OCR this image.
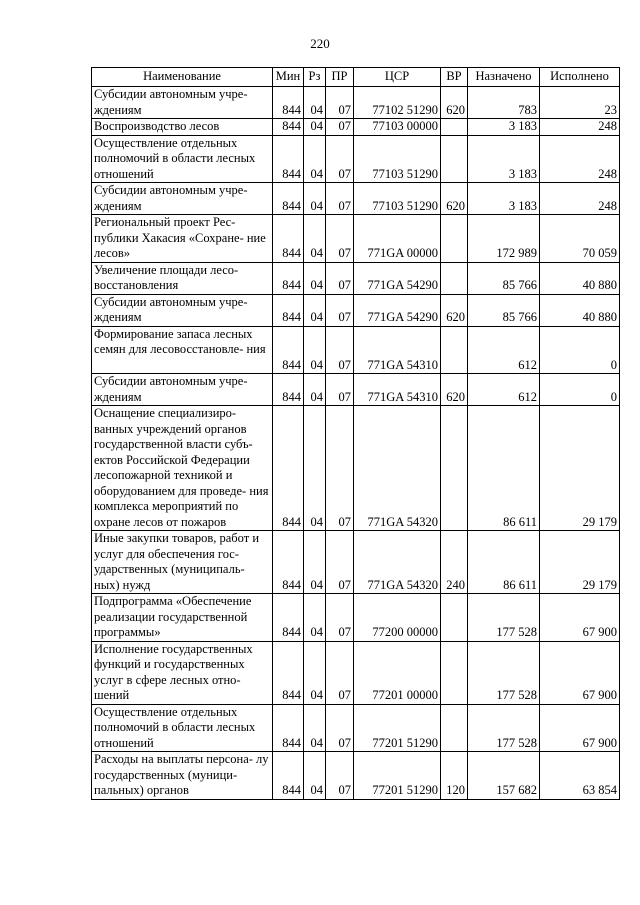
220
Наименование	Мин	Рз	ПР	ЦСР	ВР	Назначено	Исполнено
Субсидии автономным учре- ждениям	844	04	07	77102 51290	620	783	23
Воспроизводство лесов	844	04	07	77103 00000		3 183	248
Осуществление отдельных полномочий в области лесных отношений	844	04	07	77103 51290		3 183	248
Субсидии автономным учре- ждениям	844	04	07	77103 51290	620	3 183	248
Региональный проект Рес- публики Хакасия «Сохране- ние лесов»	844	04	07	771GA 00000		172 989	70 059
Увеличение площади лесо- восстановления	844	04	07	771GA 54290		85 766	40 880
Субсидии автономным учре- ждениям	844	04	07	771GA 54290	620	85 766	40 880
Формирование запаса лесных семян для лесовосстановле- ния	844	04	07	771GA 54310		612	0
Субсидии автономным учре- ждениям	844	04	07	771GA 54310	620	612	0
Оснащение специализиро- ванных учреждений органов государственной власти субъ- ектов Российской Федерации лесопожарной техникой и оборудованием для проведе- ния комплекса мероприятий по охране лесов от пожаров	844	04	07	771GA 54320		86 611	29 179
Иные закупки товаров, работ и услуг для обеспечения гос- ударственных (муниципаль- ных) нужд	844	04	07	771GA 54320	240	86 611	29 179
Подпрограмма «Обеспечение реализации государственной программы»	844	04	07	77200 00000		177 528	67 900
Исполнение государственных функций и государственных услуг в сфере лесных отно- шений	844	04	07	77201 00000		177 528	67 900
Осуществление отдельных полномочий в области лесных отношений	844	04	07	77201 51290		177 528	67 900
Расходы на выплаты персона- лу государственных (муници- пальных) органов	844	04	07	77201 51290	120	157 682	63 854
